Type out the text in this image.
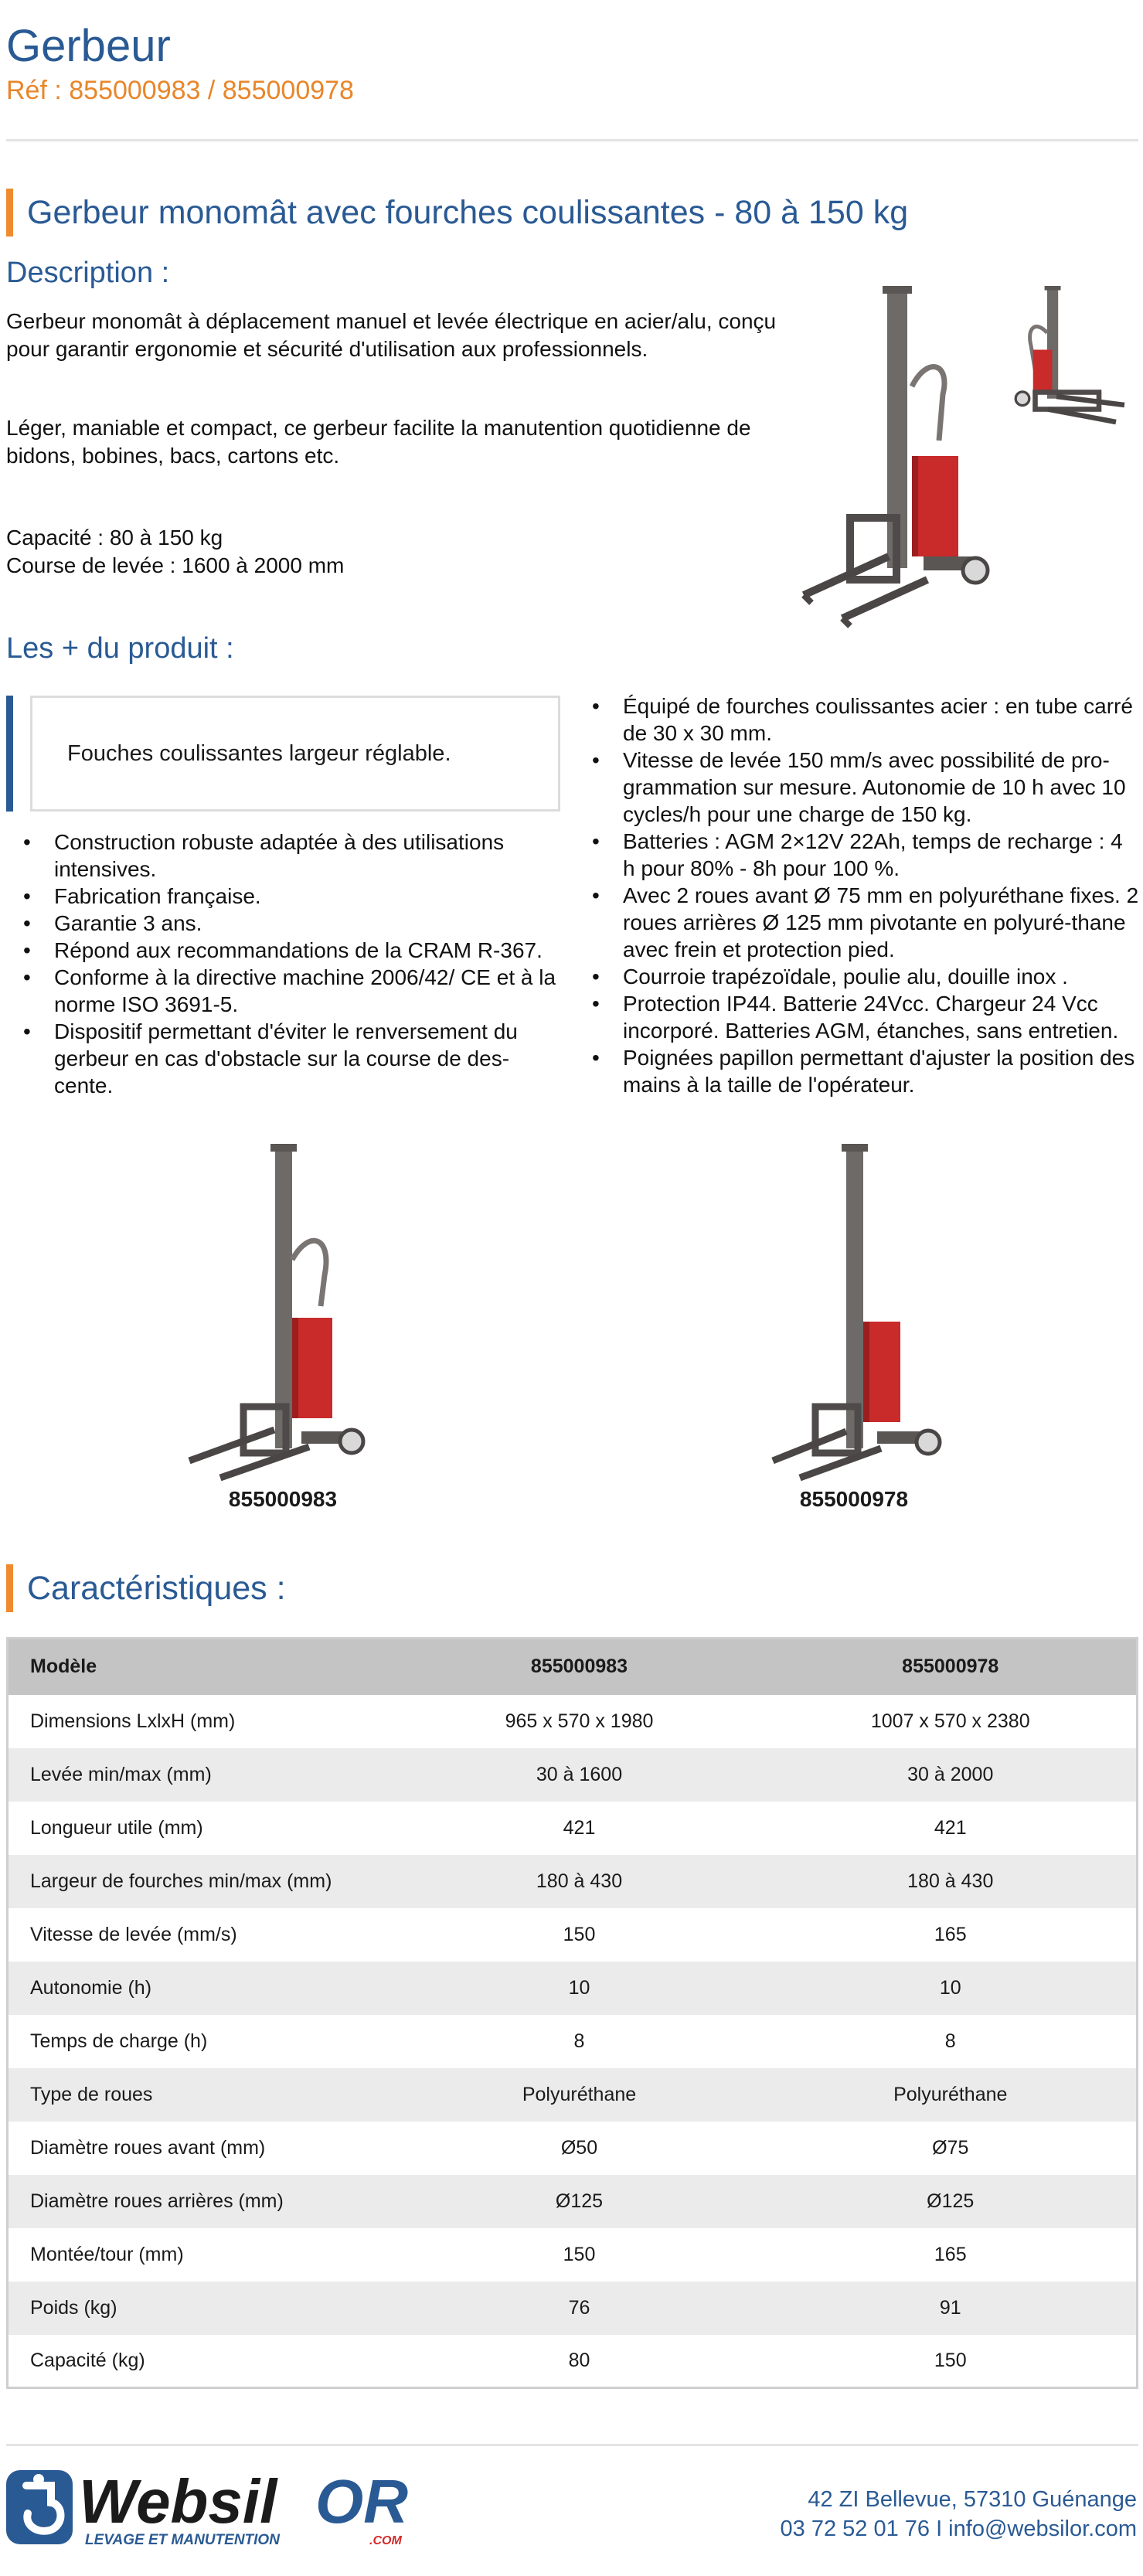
Gerbeur
Réf : 855000983 / 855000978
Gerbeur monomât avec fourches coulissantes - 80 à 150 kg
Description :
Gerbeur monomât à déplacement manuel et levée électrique en acier/alu, conçu pour garantir ergonomie et sécurité d'utilisation aux professionnels.
Léger, maniable et compact, ce gerbeur facilite la manutention quotidienne de bidons, bobines, bacs, cartons etc.
Capacité : 80 à 150 kg
Course de levée : 1600 à 2000 mm
Les + du produit :
Fouches coulissantes largeur réglable.
• Construction robuste adaptée à des utilisations intensives.
• Fabrication française.
• Garantie 3 ans.
• Répond aux recommandations de la CRAM R-367.
• Conforme à la directive machine 2006/42/ CE et à la norme ISO 3691-5.
• Dispositif permettant d'éviter le renversement du gerbeur en cas d'obstacle sur la course de des-cente.
• Équipé de fourches coulissantes acier : en tube carré de 30 x 30 mm.
• Vitesse de levée 150 mm/s avec possibilité de pro-grammation sur mesure. Autonomie de 10 h avec 10 cycles/h pour une charge de 150 kg.
• Batteries : AGM 2×12V 22Ah, temps de recharge : 4 h pour 80% - 8h pour 100 %.
• Avec 2 roues avant Ø 75 mm en polyuréthane fixes. 2 roues arrières Ø 125 mm pivotante en polyuré-thane avec frein et protection pied.
• Courroie trapézoïdale, poulie alu, douille inox .
• Protection IP44. Batterie 24Vcc. Chargeur 24 Vcc incorporé. Batteries AGM, étanches, sans entretien.
• Poignées papillon permettant d'ajuster la position des mains à la taille de l'opérateur.
855000983	855000978
Caractéristiques :
Modèle	855000983	855000978
Dimensions LxlxH (mm)	965 x 570 x 1980	1007 x 570 x 2380
Levée min/max (mm)	30 à 1600	30 à 2000
Longueur utile (mm)	421	421
Largeur de fourches min/max (mm)	180 à 430	180 à 430
Vitesse de levée (mm/s)	150	165
Autonomie (h)	10	10
Temps de charge (h)	8	8
Type de roues	Polyuréthane	Polyuréthane
Diamètre roues avant (mm)	Ø50	Ø75
Diamètre roues arrières (mm)	Ø125	Ø125
Montée/tour (mm)	150	165
Poids (kg)	76	91
Capacité (kg)	80	150
Websil OR
LEVAGE ET MANUTENTION	.COM
42 ZI Bellevue, 57310 Guénange
03 72 52 01 76 I info@websilor.com
